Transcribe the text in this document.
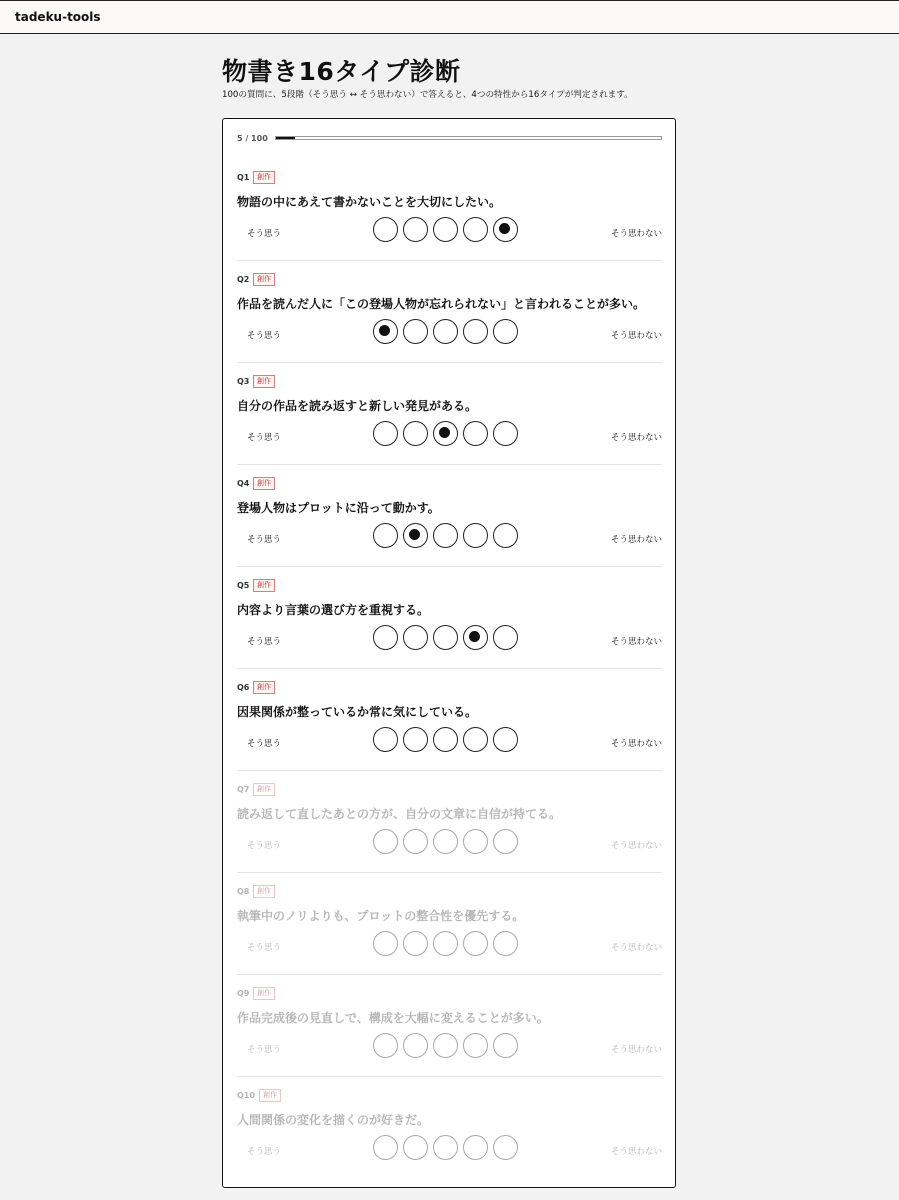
tadeku-tools
物書き16タイプ診断

100の質問に、5段階（そう思う ↔ そう思わない）で答えると、4つの特性から16タイプが判定されます。

5 / 100
Q1	創作
物語の中にあえて書かないことを大切にしたい。
そう思う	そう思わない
Q2	創作
作品を読んだ人に「この登場人物が忘れられない」と言われることが多い。
そう思う	そう思わない
Q3	創作
自分の作品を読み返すと新しい発見がある。
そう思う	そう思わない
Q4	創作
登場人物はプロットに沿って動かす。
そう思う	そう思わない
Q5	創作
内容より言葉の選び方を重視する。
そう思う	そう思わない
Q6	創作
因果関係が整っているか常に気にしている。
そう思う	そう思わない
Q7	創作
読み返して直したあとの方が、自分の文章に自信が持てる。
そう思う	そう思わない
Q8	創作
執筆中のノリよりも、プロットの整合性を優先する。
そう思う	そう思わない
Q9	創作
作品完成後の見直しで、構成を大幅に変えることが多い。
そう思う	そう思わない
Q10	創作
人間関係の変化を描くのが好きだ。
そう思う	そう思わない
